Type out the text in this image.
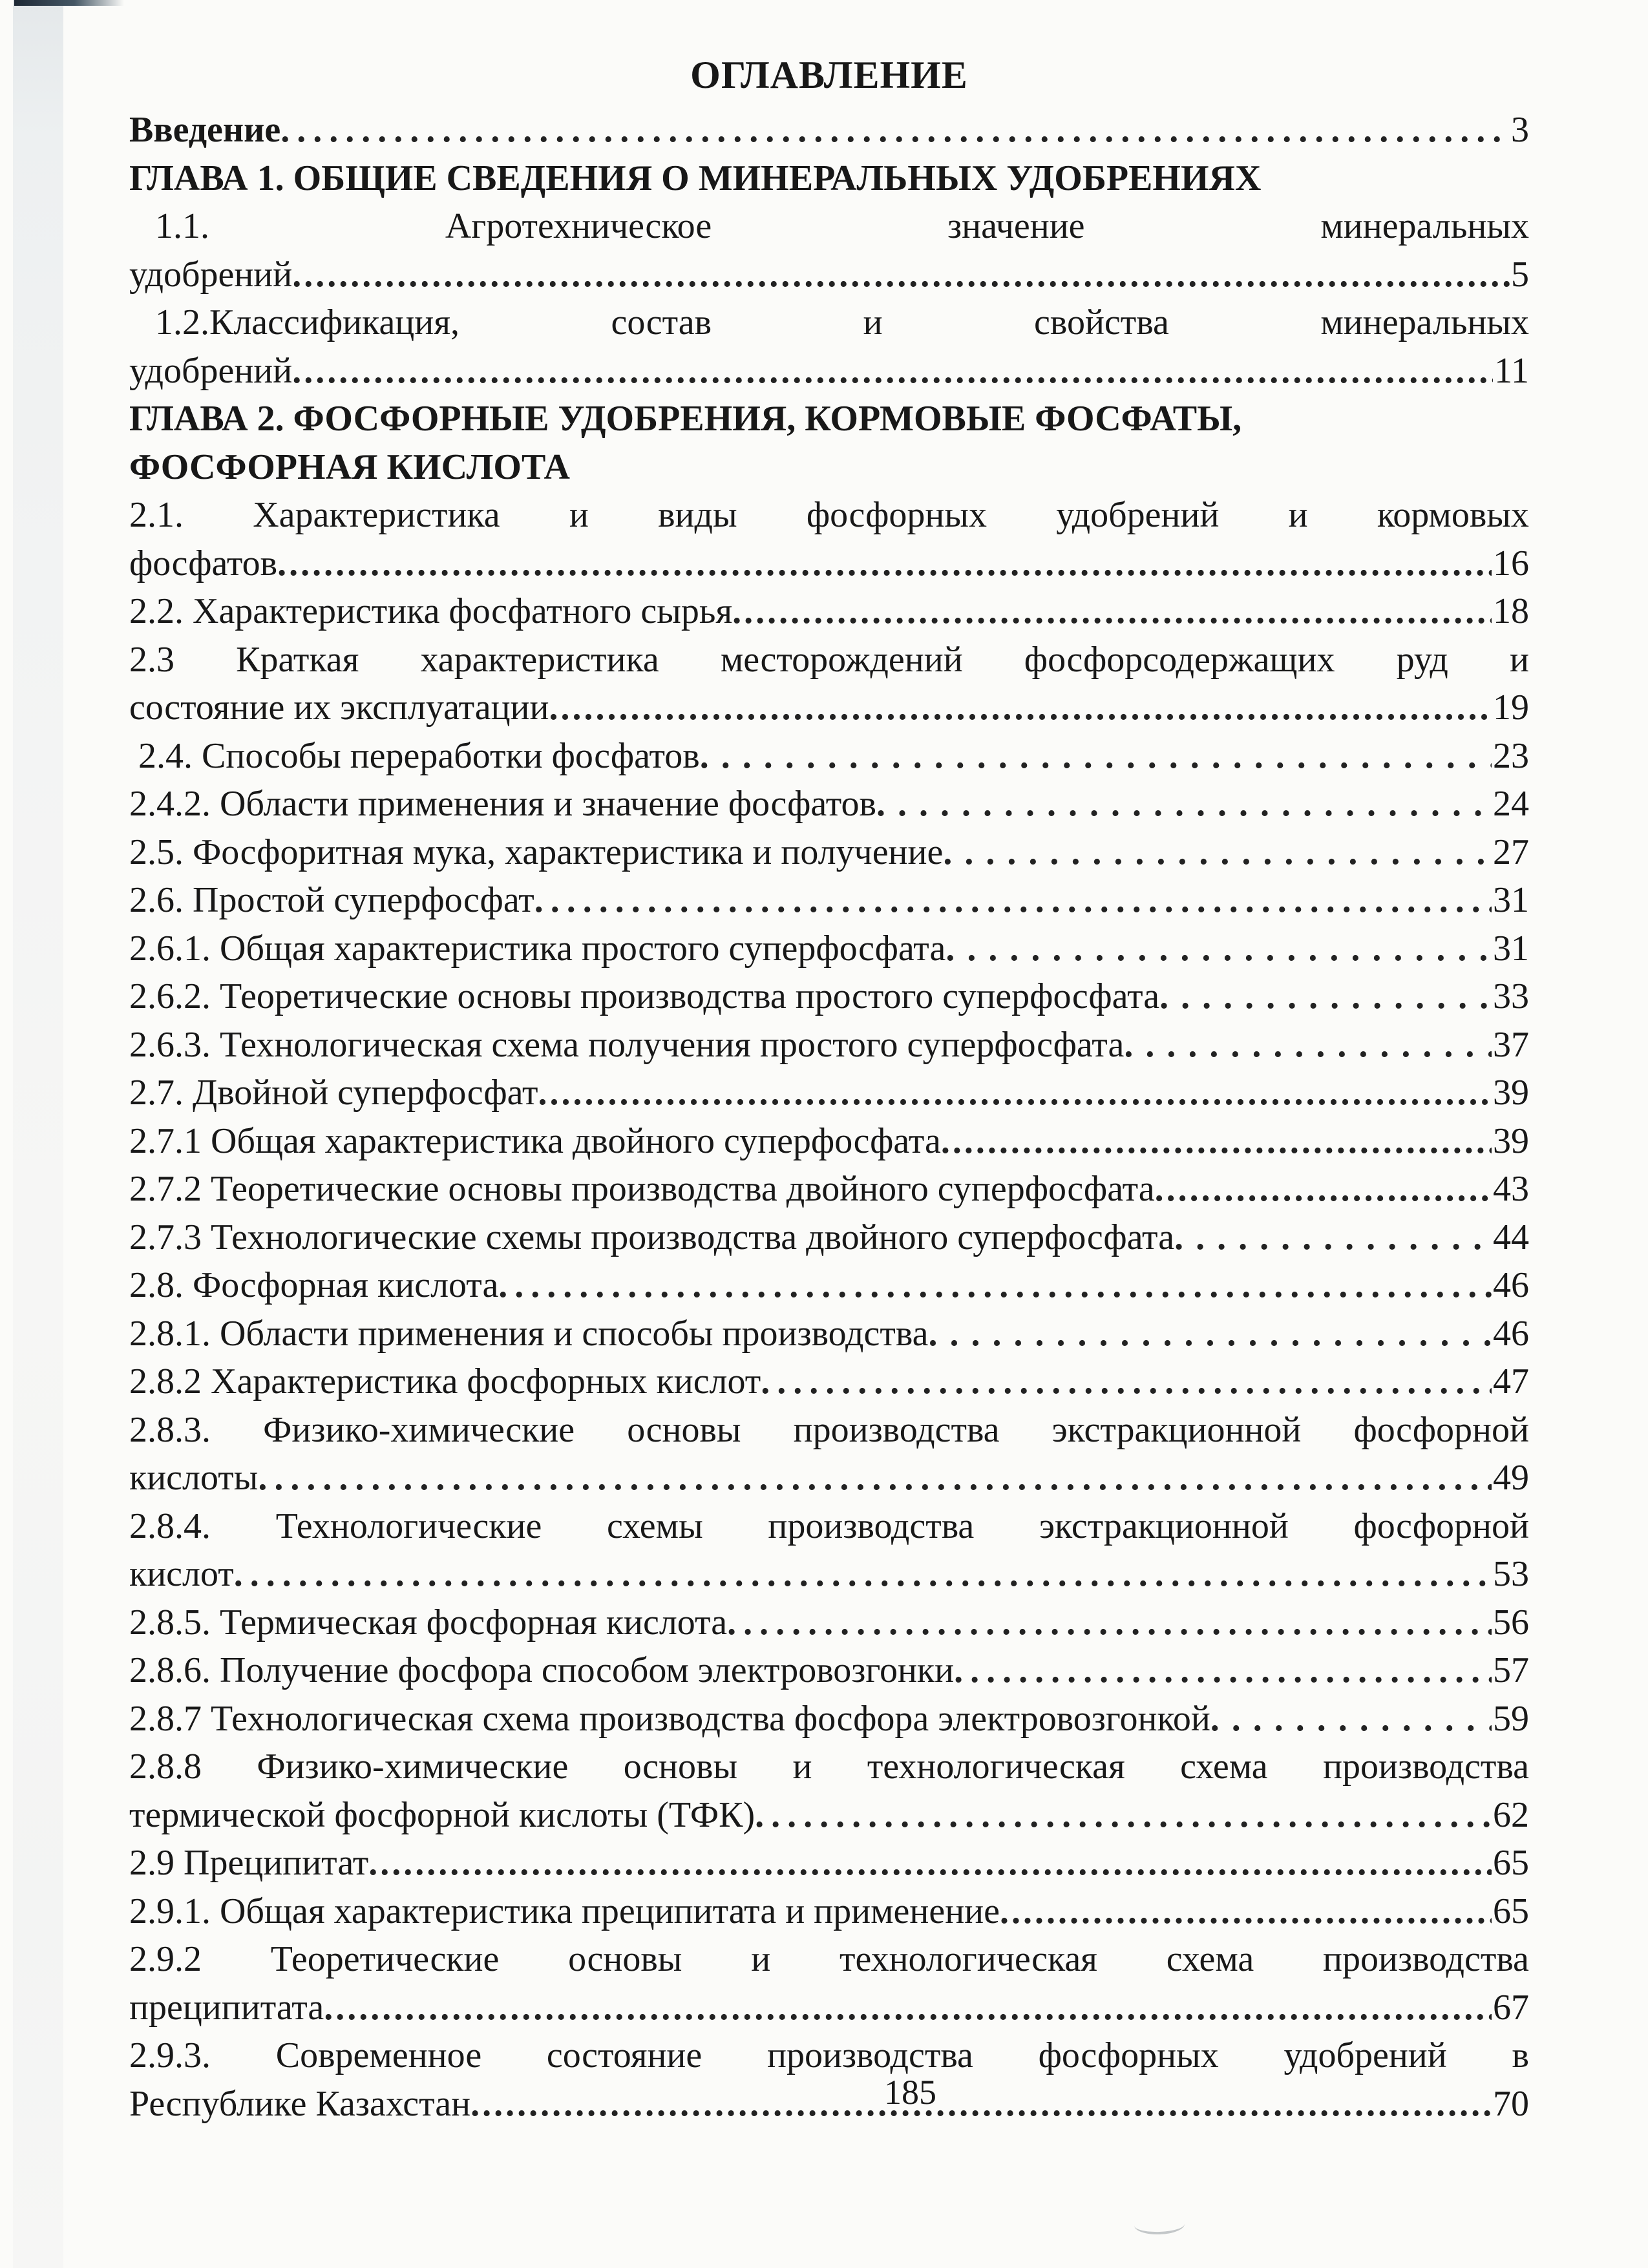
ОГЛАВЛЕНИЕ
Введение .....	3
ГЛАВА 1. ОБЩИЕ СВЕДЕНИЯ О МИНЕРАЛЬНЫХ УДОБРЕНИЯХ
1.1.	Агротехническое	значение	минеральных
удобрений .....	5
1.2.Классификация,	состав	и	свойства	минеральных
удобрений .....	11
ГЛАВА 2. ФОСФОРНЫЕ УДОБРЕНИЯ, КОРМОВЫЕ ФОСФАТЫ,
ФОСФОРНАЯ КИСЛОТА
2.1. Характеристика и виды фосфорных удобрений и кормовых
фосфатов .....	16
2.2. Характеристика фосфатного сырья .....	18
2.3 Краткая характеристика месторождений фосфорсодержащих руд и
состояние их эксплуатации .....	19
2.4. Способы переработки фосфатов .....	23
2.4.2. Области применения и значение фосфатов .....	24
2.5. Фосфоритная мука, характеристика и получение .....	27
2.6. Простой суперфосфат .....	31
2.6.1. Общая характеристика простого суперфосфата .....	31
2.6.2. Теоретические основы производства простого суперфосфата .....	33
2.6.3. Технологическая схема получения простого суперфосфата .....	37
2.7. Двойной суперфосфат .....	39
2.7.1 Общая характеристика двойного суперфосфата .....	39
2.7.2 Теоретические основы производства двойного суперфосфата .....	43
2.7.3 Технологические схемы производства двойного суперфосфата .....	44
2.8. Фосфорная кислота .....	46
2.8.1. Области применения и способы производства .....	46
2.8.2 Характеристика фосфорных кислот .....	47
2.8.3. Физико-химические основы производства экстракционной фосфорной
кислоты .....	49
2.8.4. Технологические схемы производства экстракционной фосфорной
кислот .....	53
2.8.5. Термическая фосфорная кислота .....	56
2.8.6. Получение фосфора способом электровозгонки .....	57
2.8.7 Технологическая схема производства фосфора электровозгонкой .....	59
2.8.8 Физико-химические основы и технологическая схема производства
термической фосфорной кислоты (ТФК) .....	62
2.9 Преципитат .....	65
2.9.1. Общая характеристика преципитата и применение .....	65
2.9.2 Теоретические основы и технологическая схема производства
преципитата .....	67
2.9.3. Современное состояние производства фосфорных удобрений в
Республике Казахстан .....	70
185
